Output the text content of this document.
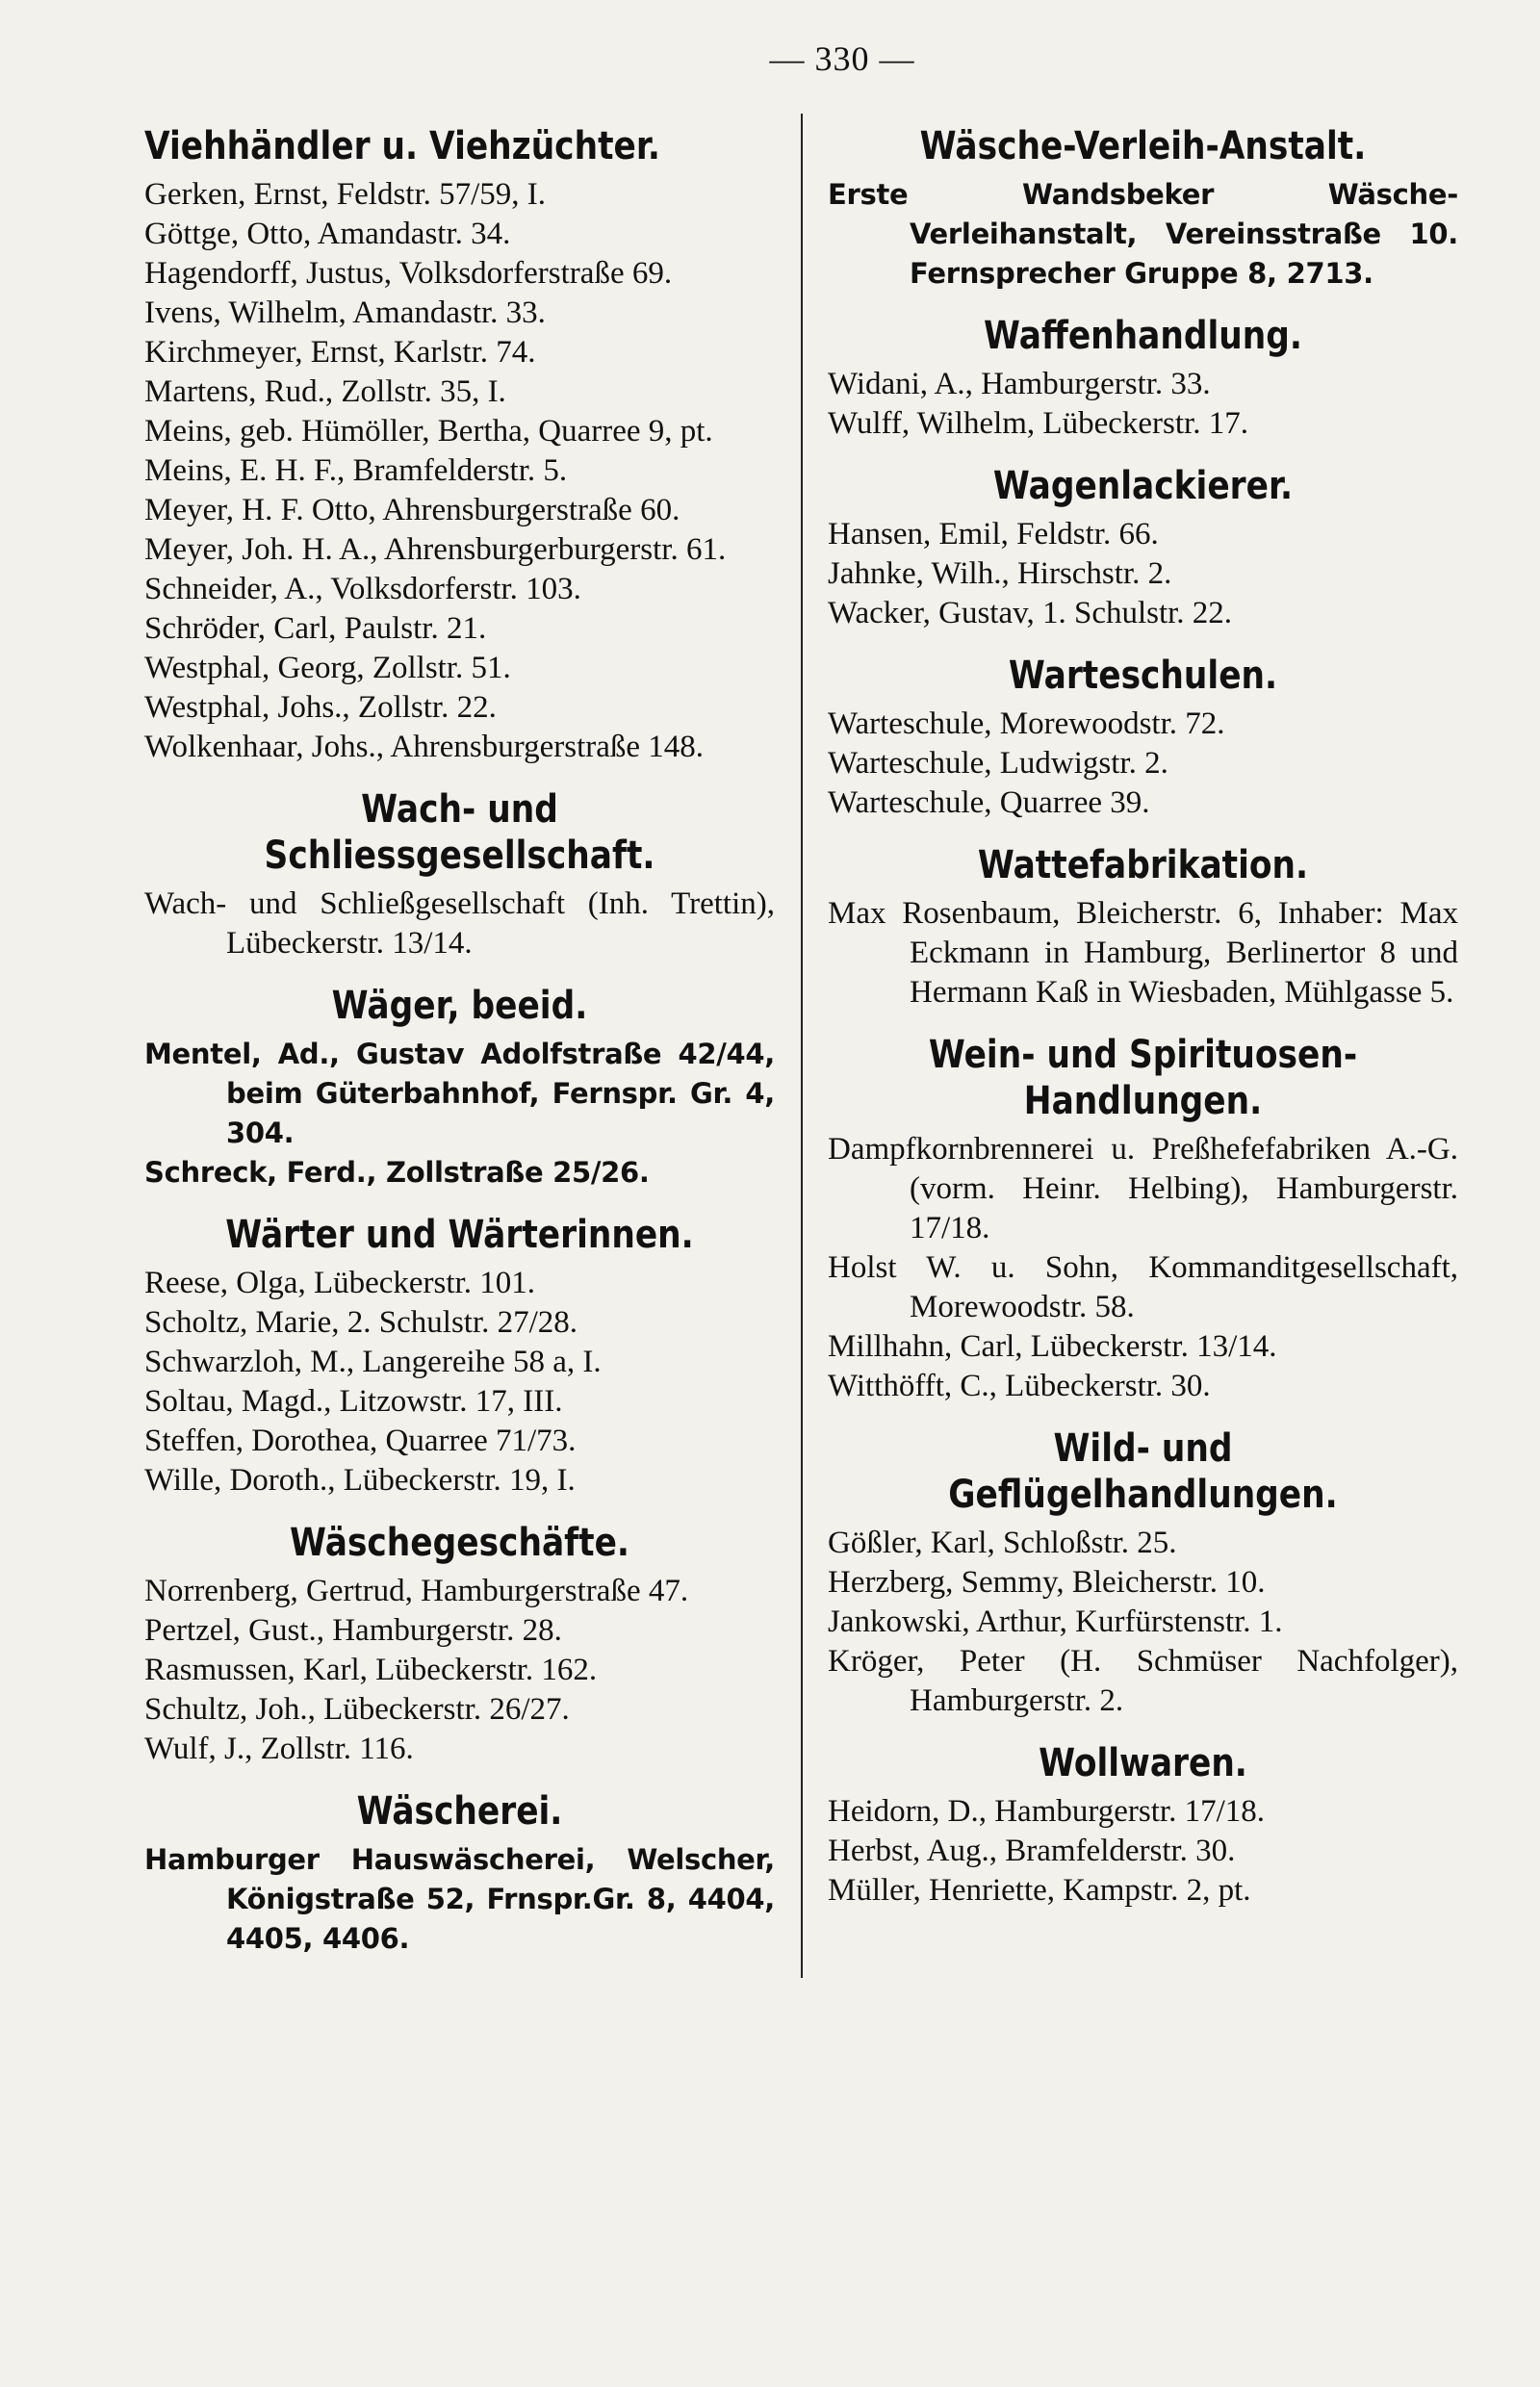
— 330 —
Viehhändler u. Viehzüchter.
Gerken, Ernst, Feldstr. 57/59, I.
Göttge, Otto, Amandastr. 34.
Hagendorff, Justus, Volksdorferstraße 69.
Ivens, Wilhelm, Amandastr. 33.
Kirchmeyer, Ernst, Karlstr. 74.
Martens, Rud., Zollstr. 35, I.
Meins, geb. Hümöller, Bertha, Quarree 9, pt.
Meins, E. H. F., Bramfelderstr. 5.
Meyer, H. F. Otto, Ahrensburgerstraße 60.
Meyer, Joh. H. A., Ahrensburgerburgerstr. 61.
Schneider, A., Volksdorferstr. 103.
Schröder, Carl, Paulstr. 21.
Westphal, Georg, Zollstr. 51.
Westphal, Johs., Zollstr. 22.
Wolkenhaar, Johs., Ahrensburgerstraße 148.
Wach- und
Schliessgesellschaft.
Wach- und Schließgesellschaft (Inh. Trettin), Lübeckerstr. 13/14.
Wäger, beeid.
Mentel, Ad., Gustav Adolfstraße 42/44, beim Güterbahnhof, Fernspr. Gr. 4, 304.
Schreck, Ferd., Zollstraße 25/26.
Wärter und Wärterinnen.
Reese, Olga, Lübeckerstr. 101.
Scholtz, Marie, 2. Schulstr. 27/28.
Schwarzloh, M., Langereihe 58 a, I.
Soltau, Magd., Litzowstr. 17, III.
Steffen, Dorothea, Quarree 71/73.
Wille, Doroth., Lübeckerstr. 19, I.
Wäschegeschäfte.
Norrenberg, Gertrud, Hamburgerstraße 47.
Pertzel, Gust., Hamburgerstr. 28.
Rasmussen, Karl, Lübeckerstr. 162.
Schultz, Joh., Lübeckerstr. 26/27.
Wulf, J., Zollstr. 116.
Wäscherei.
Hamburger Hauswäscherei, Welscher, Königstraße 52, Frnspr.Gr. 8, 4404, 4405, 4406.
Wäsche-Verleih-Anstalt.
Erste Wandsbeker Wäsche-Verleihanstalt, Vereinsstraße 10. Fernsprecher Gruppe 8, 2713.
Waffenhandlung.
Widani, A., Hamburgerstr. 33.
Wulff, Wilhelm, Lübeckerstr. 17.
Wagenlackierer.
Hansen, Emil, Feldstr. 66.
Jahnke, Wilh., Hirschstr. 2.
Wacker, Gustav, 1. Schulstr. 22.
Warteschulen.
Warteschule, Morewoodstr. 72.
Warteschule, Ludwigstr. 2.
Warteschule, Quarree 39.
Wattefabrikation.
Max Rosenbaum, Bleicherstr. 6, Inhaber: Max Eckmann in Hamburg, Berlinertor 8 und Hermann Kaß in Wiesbaden, Mühlgasse 5.
Wein- und Spirituosen-
Handlungen.
Dampfkornbrennerei u. Preßhefefabriken A.-G. (vorm. Heinr. Helbing), Hamburgerstr. 17/18.
Holst W. u. Sohn, Kommanditgesellschaft, Morewoodstr. 58.
Millhahn, Carl, Lübeckerstr. 13/14.
Witthöfft, C., Lübeckerstr. 30.
Wild- und
Geflügelhandlungen.
Gößler, Karl, Schloßstr. 25.
Herzberg, Semmy, Bleicherstr. 10.
Jankowski, Arthur, Kurfürstenstr. 1.
Kröger, Peter (H. Schmüser Nachfolger), Hamburgerstr. 2.
Wollwaren.
Heidorn, D., Hamburgerstr. 17/18.
Herbst, Aug., Bramfelderstr. 30.
Müller, Henriette, Kampstr. 2, pt.
